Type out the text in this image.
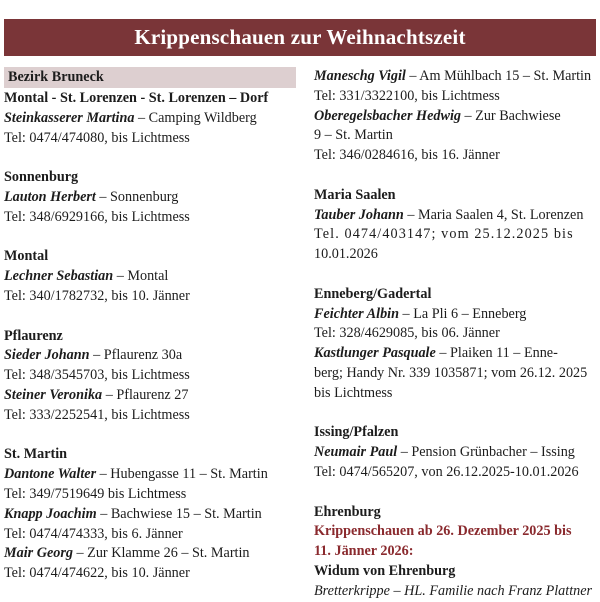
Krippenschauen zur Weihnachtszeit
Bezirk Bruneck
Montal - St. Lorenzen - St. Lorenzen – Dorf
Steinkasserer Martina – Camping Wildberg
Tel: 0474/474080, bis Lichtmess
Sonnenburg
Lauton Herbert – Sonnenburg
Tel: 348/6929166, bis Lichtmess
Montal
Lechner Sebastian – Montal
Tel: 340/1782732, bis 10. Jänner
Pflaurenz
Sieder Johann – Pflaurenz 30a
Tel: 348/3545703, bis Lichtmess
Steiner Veronika – Pflaurenz 27
Tel: 333/2252541, bis Lichtmess
St. Martin
Dantone Walter – Hubengasse 11 – St. Martin
Tel: 349/7519649 bis Lichtmess
Knapp Joachim – Bachwiese 15 – St. Martin
Tel: 0474/474333, bis 6. Jänner
Mair Georg – Zur Klamme 26 – St. Martin
Tel: 0474/474622, bis 10. Jänner
Maneschg Vigil – Am Mühlbach 15 – St. Martin
Tel: 331/3322100, bis Lichtmess
Oberegelsbacher Hedwig – Zur Bachwiese
9 – St. Martin
Tel: 346/0284616, bis 16. Jänner
Maria Saalen
Tauber Johann – Maria Saalen 4, St. Lorenzen
Tel. 0474/403147; vom 25.12.2025 bis
10.01.2026
Enneberg/Gadertal
Feichter Albin – La Pli 6 – Enneberg
Tel: 328/4629085, bis 06. Jänner
Kastlunger Pasquale – Plaiken 11 – Enne-
berg; Handy Nr. 339 1035871; vom 26.12. 2025
bis Lichtmess
Issing/Pfalzen
Neumair Paul – Pension Grünbacher – Issing
Tel: 0474/565207, von 26.12.2025-10.01.2026
Ehrenburg
Krippenschauen ab 26. Dezember 2025 bis
11. Jänner 2026:
Widum von Ehrenburg
Bretterkrippe – HL. Familie nach Franz Plattner
